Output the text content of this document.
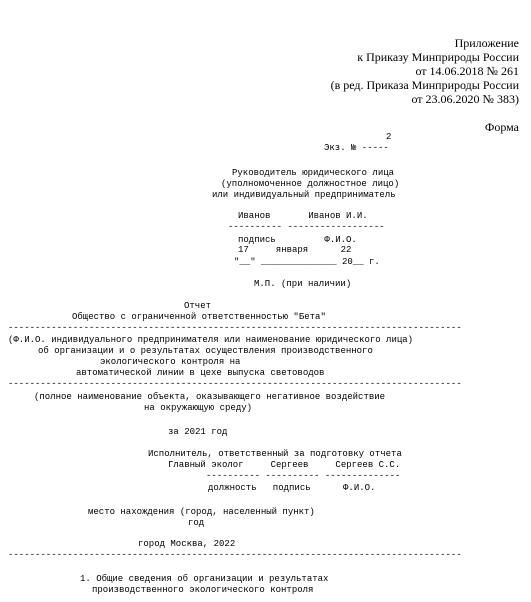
Приложение
к Приказу Минприроды России
от 14.06.2018 № 261
(в ред. Приказа Минприроды России
от 23.06.2020 № 383)
Форма
2
Экз. № -----
Руководитель юридического лица
(уполномоченное должностное лицо)
или индивидуальный предприниматель
Иванов       Иванов И.И.
---------- ------------------
подпись         Ф.И.О.
17     января      22
"__" ______________ 20__ г.
М.П. (при наличии)
Отчет
Общество с ограниченной ответственностью "Бета"
------------------------------------------------------------------------------------
(Ф.И.О. индивидуального предпринимателя или наименование юридического лица)
об организации и о результатах осуществления производственного
экологического контроля на
автоматической линии в цехе выпуска световодов
------------------------------------------------------------------------------------
(полное наименование объекта, оказывающего негативное воздействие
на окружающую среду)
за 2021 год
Исполнитель, ответственный за подготовку отчета
Главный эколог     Сергеев     Сергеев С.С.
---------- ---------- --------------
должность   подпись      Ф.И.О.
место нахождения (город, населенный пункт)
год
город Москва, 2022
------------------------------------------------------------------------------------
1. Общие сведения об организации и результатах
производственного экологического контроля
